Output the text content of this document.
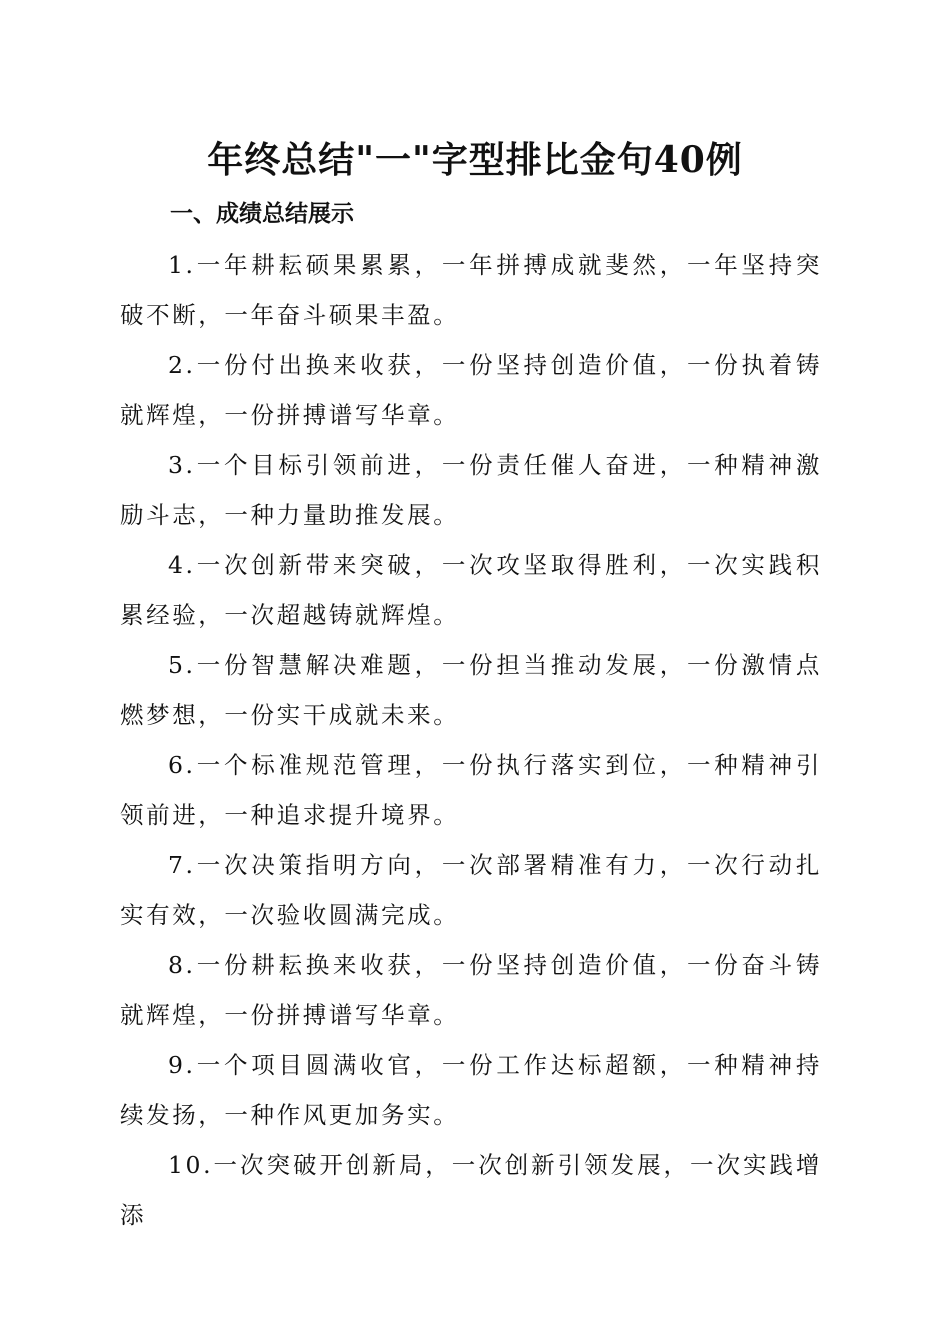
年终总结"一"字型排比金句40例
一、成绩总结展示
1.一年耕耘硕果累累，一年拼搏成就斐然，一年坚持突破不断，一年奋斗硕果丰盈。
2.一份付出换来收获，一份坚持创造价值，一份执着铸就辉煌，一份拼搏谱写华章。
3.一个目标引领前进，一份责任催人奋进，一种精神激励斗志，一种力量助推发展。
4.一次创新带来突破，一次攻坚取得胜利，一次实践积累经验，一次超越铸就辉煌。
5.一份智慧解决难题，一份担当推动发展，一份激情点燃梦想，一份实干成就未来。
6.一个标准规范管理，一份执行落实到位，一种精神引领前进，一种追求提升境界。
7.一次决策指明方向，一次部署精准有力，一次行动扎实有效，一次验收圆满完成。
8.一份耕耘换来收获，一份坚持创造价值，一份奋斗铸就辉煌，一份拼搏谱写华章。
9.一个项目圆满收官，一份工作达标超额，一种精神持续发扬，一种作风更加务实。
10.一次突破开创新局，一次创新引领发展，一次实践增添
